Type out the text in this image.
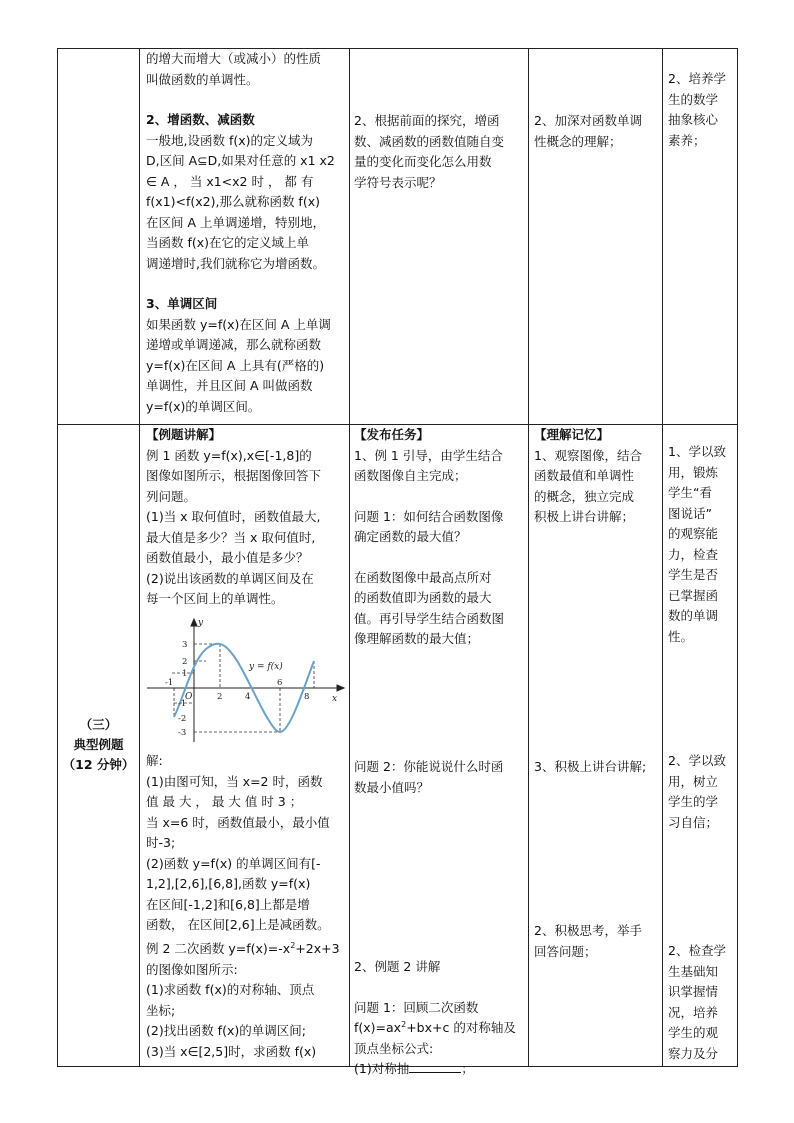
（三）
典型例题
（12 分钟）

的增大而增大（或减小）的性质

叫做函数的单调性。

2、增函数、减函数

一般地,设函数 f(x)的定义域为

D,区间 A⊆D,如果对任意的 x1 x2

∈ A ， 当 x1<x2 时 ， 都 有

f(x1)<f(x2),那么就称函数 f(x)

在区间 A 上单调递增，特别地，

当函数 f(x)在它的定义域上单

调递增时,我们就称它为增函数。

3、单调区间

如果函数 y=f(x)在区间 A 上单调

递增或单调递减，那么就称函数

y=f(x)在区间 A 上具有(严格的)

单调性，并且区间 A 叫做函数

y=f(x)的单调区间。

2、根据前面的探究，增函

数、减函数的函数值随自变

量的变化而变化怎么用数

学符号表示呢？

2、加深对函数单调

性概念的理解；

2、培养学

生的数学

抽象核心

素养；

【例题讲解】

例 1 函数 y=f(x),x∈[-1,8]的

图像如图所示，根据图像回答下

列问题。

(1)当 x 取何值时，函数值最大,

最大值是多少？当 x 取何值时,

函数值最小，最小值是多少？

(2)说出该函数的单调区间及在

每一个区间上的单调性。

y
x
O
y = f(x)
-1
2	4
6
8
3
2
1
-1
-2
-3

解:

(1)由图可知，当 x=2 时，函数

值 最 大 ， 最 大 值 时 3 ；

当 x=6 时，函数值最小，最小值

时-3;

(2)函数 y=f(x) 的单调区间有[-

1,2],[2,6],[6,8],函数 y=f(x)

在区间[-1,2]和[6,8]上都是增

函数， 在区间[2,6]上是减函数。

例 2 二次函数 $y=f(x)=-x^2+2x+3$

的图像如图所示:

(1)求函数 f(x)的对称轴、顶点

坐标;

(2)找出函数 f(x)的单调区间;

(3)当 x∈[2,5]时，求函数 f(x)

【发布任务】

1、例 1 引导，由学生结合

函数图像自主完成；

问题 1：如何结合函数图像

确定函数的最大值？

在函数图像中最高点所对

的函数值即为函数的最大

值。再引导学生结合函数图

像理解函数的最大值；

问题 2：你能说说什么时函

数最小值吗？

2、例题 2 讲解

问题 1：回顾二次函数

$f(x)=ax^2+bx+c$ 的对称轴及

顶点坐标公式:

(1)对称抽	；

【理解记忆】

1、观察图像，结合

函数最值和单调性

的概念，独立完成

积极上讲台讲解；

3、积极上讲台讲解;

2、积极思考，举手

回答问题；

1、学以致

用，锻炼

学生“看

图说话”

的观察能

力，检查

学生是否

已掌握函

数的单调

性。

2、学以致

用，树立

学生的学

习自信；

2、检查学

生基础知

识掌握情

况，培养

学生的观

察力及分
